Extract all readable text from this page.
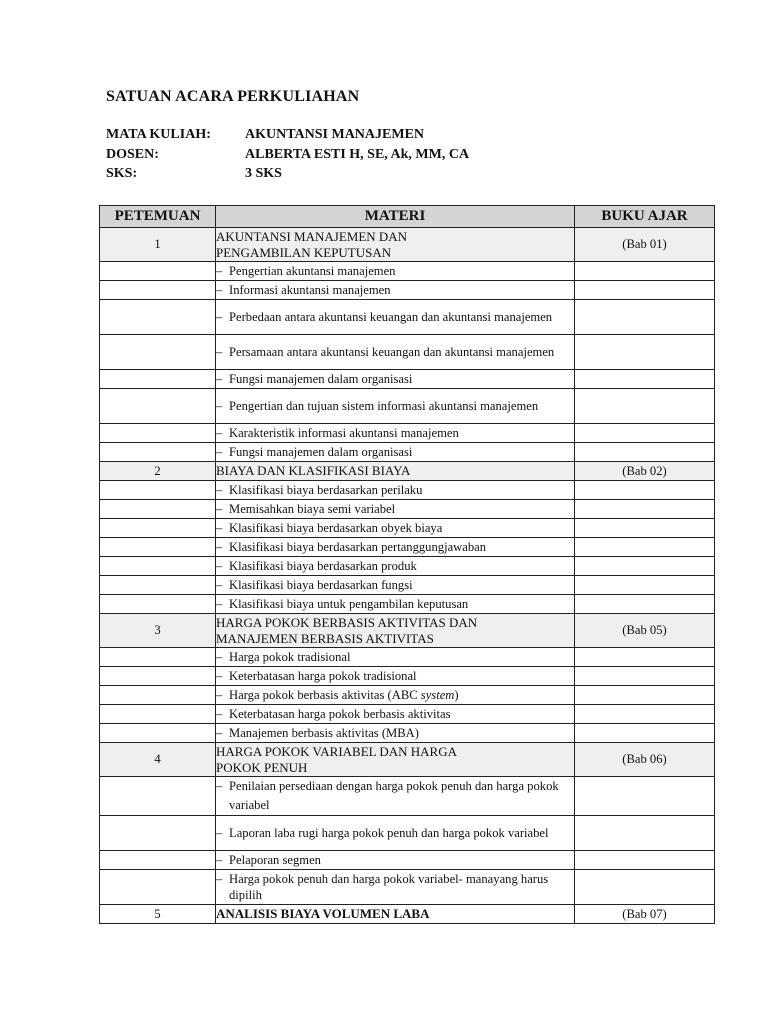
SATUAN ACARA PERKULIAHAN
MATA KULIAH:	AKUNTANSI MANAJEMEN
DOSEN:	ALBERTA ESTI H, SE, Ak, MM, CA
SKS:	3 SKS
PETEMUAN	MATERI	BUKU AJAR
1	AKUNTANSI MANAJEMEN DAN
PENGAMBILAN KEPUTUSAN	(Bab 01)

	– Pengertian akuntansi manajemen	

	– Informasi akuntansi manajemen	

	– Perbedaan antara akuntansi keuangan dan akuntansi manajemen	

	– Persamaan antara akuntansi keuangan dan akuntansi manajemen	

	– Fungsi manajemen dalam organisasi	

	– Pengertian dan tujuan sistem informasi akuntansi manajemen	

	– Karakteristik informasi akuntansi manajemen	

	– Fungsi manajemen dalam organisasi	

2	BIAYA DAN KLASIFIKASI BIAYA	(Bab 02)

	– Klasifikasi biaya berdasarkan perilaku	

	– Memisahkan biaya semi variabel	

	– Klasifikasi biaya berdasarkan obyek biaya	

	– Klasifikasi biaya berdasarkan pertanggungjawaban	

	– Klasifikasi biaya berdasarkan produk	

	– Klasifikasi biaya berdasarkan fungsi	

	– Klasifikasi biaya untuk pengambilan keputusan	

3	HARGA POKOK BERBASIS AKTIVITAS DAN
MANAJEMEN BERBASIS AKTIVITAS	(Bab 05)

	– Harga pokok tradisional	

	– Keterbatasan harga pokok tradisional	

	– Harga pokok berbasis aktivitas (ABC system)	

	– Keterbatasan harga pokok berbasis aktivitas	

	– Manajemen berbasis aktivitas (MBA)	

4	HARGA POKOK VARIABEL DAN HARGA
POKOK PENUH	(Bab 06)

	– Penilaian persediaan dengan harga pokok penuh dan harga pokok variabel	

	– Laporan laba rugi harga pokok penuh dan harga pokok variabel	

	– Pelaporan segmen	

	– Harga pokok penuh dan harga pokok variabel- manayang harus dipilih	

5	ANALISIS BIAYA VOLUMEN LABA	(Bab 07)
